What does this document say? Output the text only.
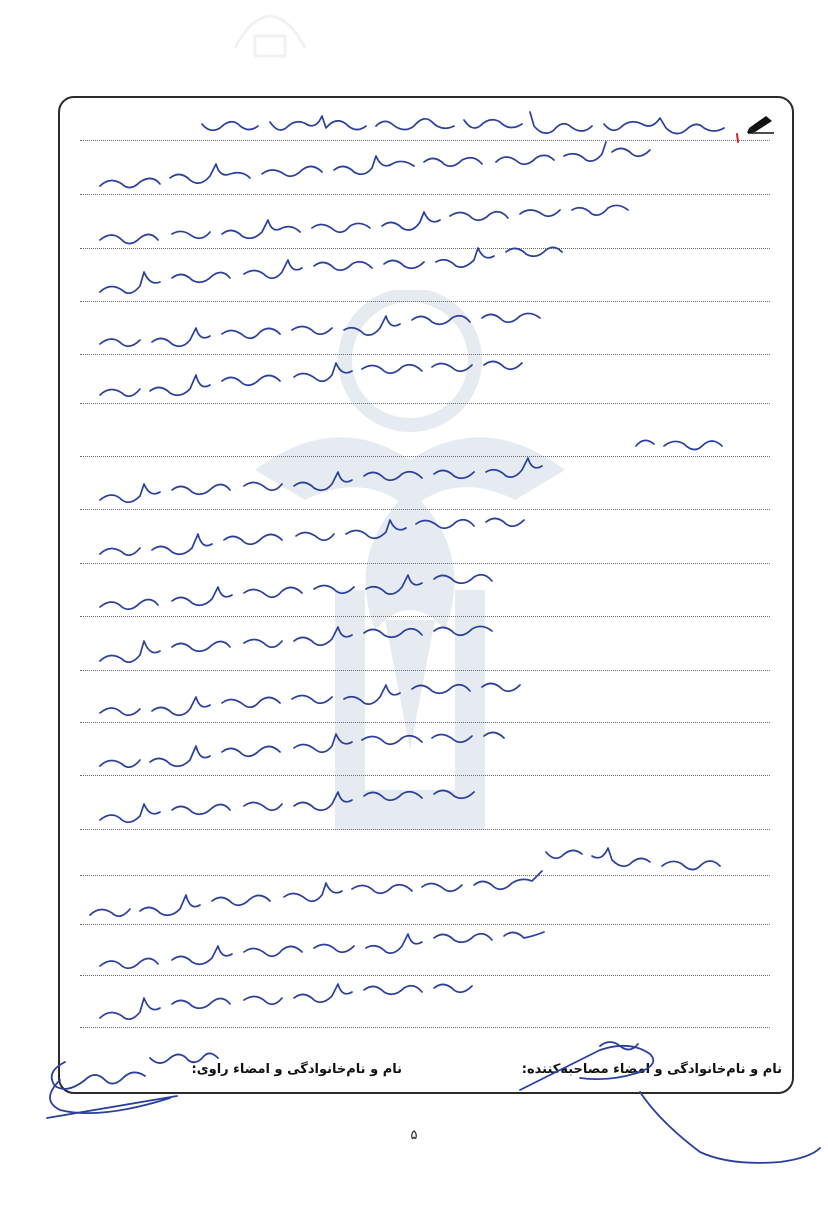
نام و نام‌خانوادگی و امضاء مصاحبه‌کننده:
نام و نام‌خانوادگی و امضاء راوی:
۵
